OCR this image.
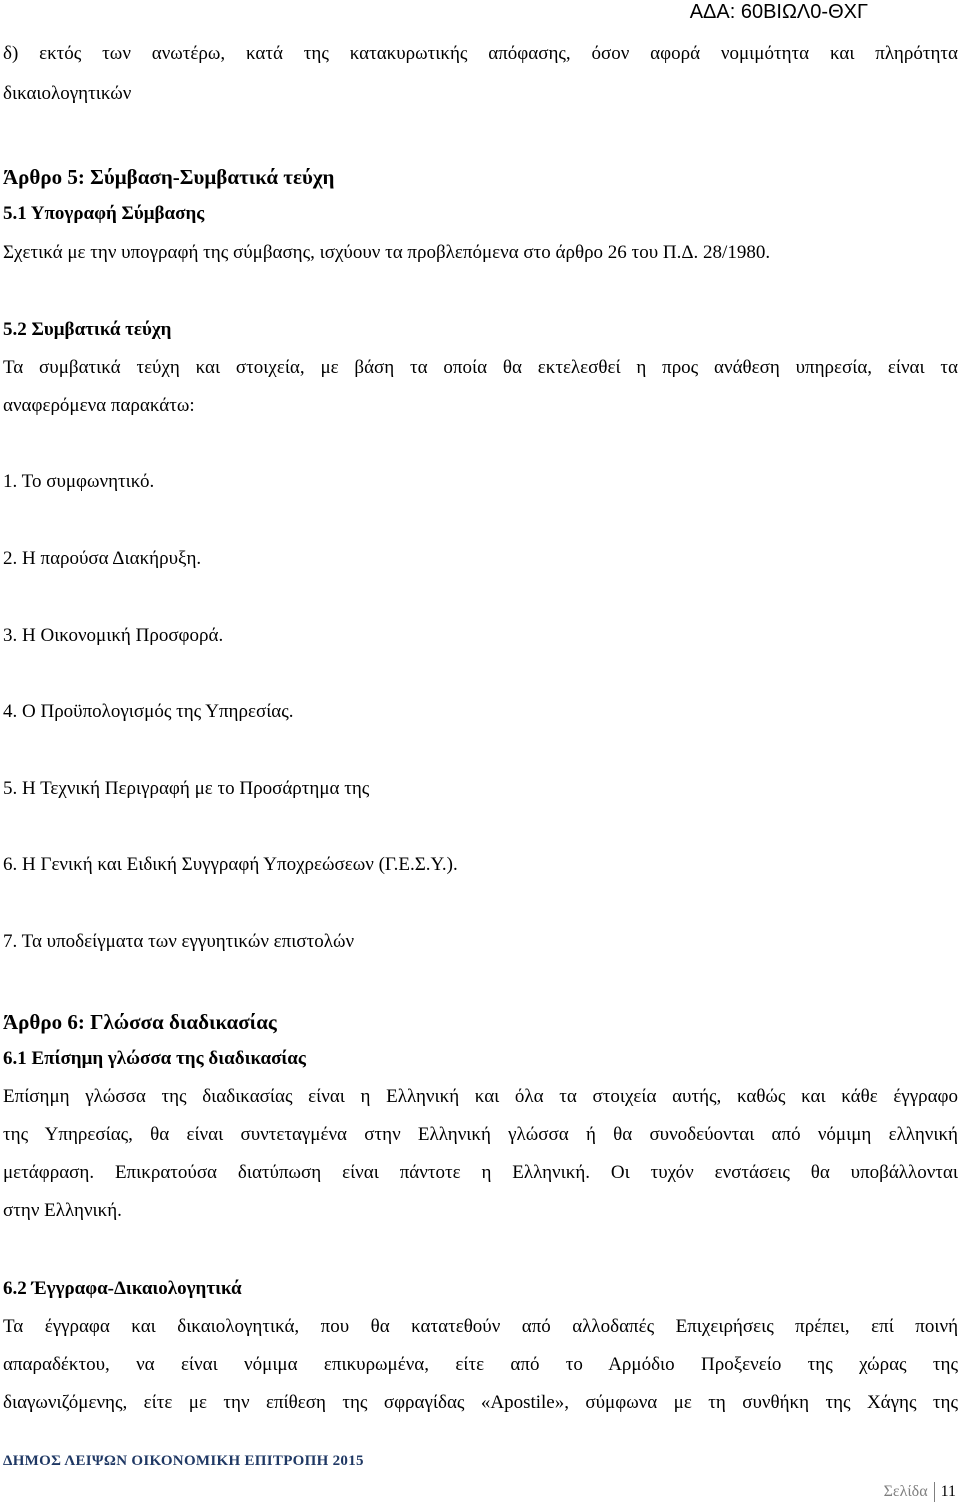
ΑΔΑ: 60ΒΙΩΛ0-ΘΧΓ
δ) εκτός των ανωτέρω, κατά της κατακυρωτικής απόφασης, όσον αφορά νομιμότητα και πληρότητα
δικαιολογητικών
Άρθρο 5: Σύμβαση-Συμβατικά τεύχη
5.1 Υπογραφή Σύμβασης
Σχετικά με την υπογραφή της σύμβασης, ισχύουν τα προβλεπόμενα στο άρθρο 26 του Π.Δ. 28/1980.
5.2 Συμβατικά τεύχη
Τα συμβατικά τεύχη και στοιχεία, με βάση τα οποία θα εκτελεσθεί η προς ανάθεση υπηρεσία, είναι τα
αναφερόμενα παρακάτω:
1. Το συμφωνητικό.
2. Η παρούσα Διακήρυξη.
3. Η Οικονομική Προσφορά.
4. Ο Προϋπολογισμός της Υπηρεσίας.
5. Η Τεχνική Περιγραφή με το Προσάρτημα της
6. Η Γενική και Ειδική Συγγραφή Υποχρεώσεων (Γ.Ε.Σ.Υ.).
7. Τα υποδείγματα των εγγυητικών επιστολών
Άρθρο 6: Γλώσσα διαδικασίας
6.1 Επίσημη γλώσσα της διαδικασίας
Επίσημη γλώσσα της διαδικασίας είναι η Ελληνική και όλα τα στοιχεία αυτής, καθώς και κάθε έγγραφο
της Υπηρεσίας, θα είναι συντεταγμένα στην Ελληνική γλώσσα ή θα συνοδεύονται από νόμιμη ελληνική
μετάφραση. Επικρατούσα διατύπωση είναι πάντοτε η Ελληνική. Οι τυχόν ενστάσεις θα υποβάλλονται
στην Ελληνική.
6.2 Έγγραφα-Δικαιολογητικά
Τα έγγραφα και δικαιολογητικά, που θα κατατεθούν από αλλοδαπές Επιχειρήσεις πρέπει, επί ποινή
απαραδέκτου, να είναι νόμιμα επικυρωμένα, είτε από το Αρμόδιο Προξενείο της χώρας της
διαγωνιζόμενης, είτε με την επίθεση της σφραγίδας «Apostile», σύμφωνα με τη συνθήκη της Χάγης της
ΔΗΜΟΣ ΛΕΙΨΩΝ ΟΙΚΟΝΟΜΙΚΗ ΕΠΙΤΡΟΠΗ 2015
Σελίδα 11
